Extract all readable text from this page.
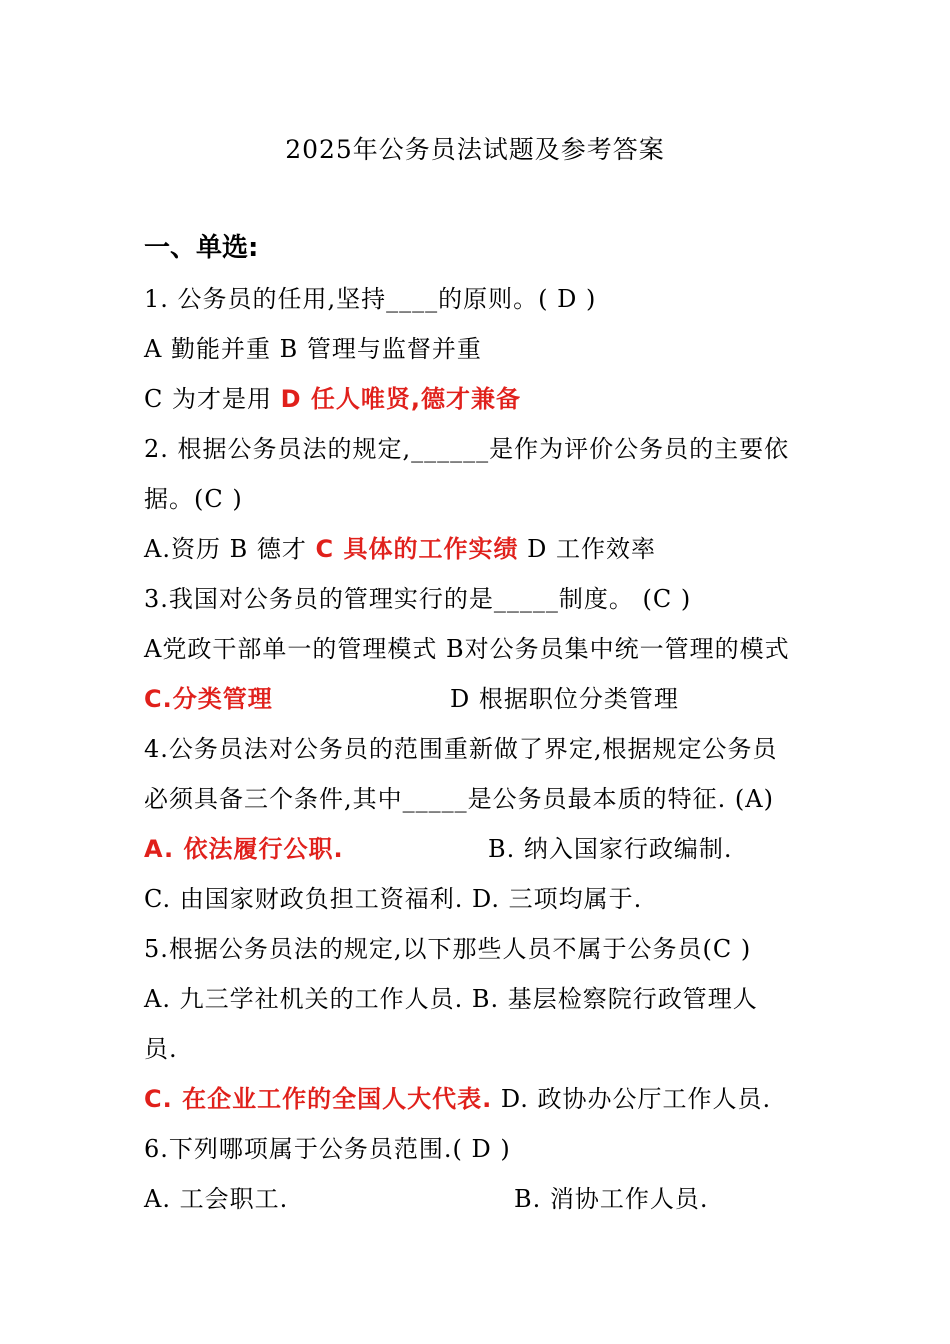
2025年公务员法试题及参考答案
一、单选:
1. 公务员的任用,坚持____的原则。( D )
A 勤能并重 B 管理与监督并重
C 为才是用 D 任人唯贤,德才兼备
2. 根据公务员法的规定,______是作为评价公务员的主要依
据。(C )
A.资历 B 德才 C 具体的工作实绩 D 工作效率
3.我国对公务员的管理实行的是_____制度。 (C )
A党政干部单一的管理模式 B对公务员集中统一管理的模式
C.分类管理	D 根据职位分类管理
4.公务员法对公务员的范围重新做了界定,根据规定公务员
必须具备三个条件,其中_____是公务员最本质的特征. (A)
A. 依法履行公职.	B. 纳入国家行政编制.
C. 由国家财政负担工资福利. D. 三项均属于.
5.根据公务员法的规定,以下那些人员不属于公务员(C )
A. 九三学社机关的工作人员. B. 基层检察院行政管理人
员.
C. 在企业工作的全国人大代表. D. 政协办公厅工作人员.
6.下列哪项属于公务员范围.( D )
A. 工会职工.	B. 消协工作人员.
